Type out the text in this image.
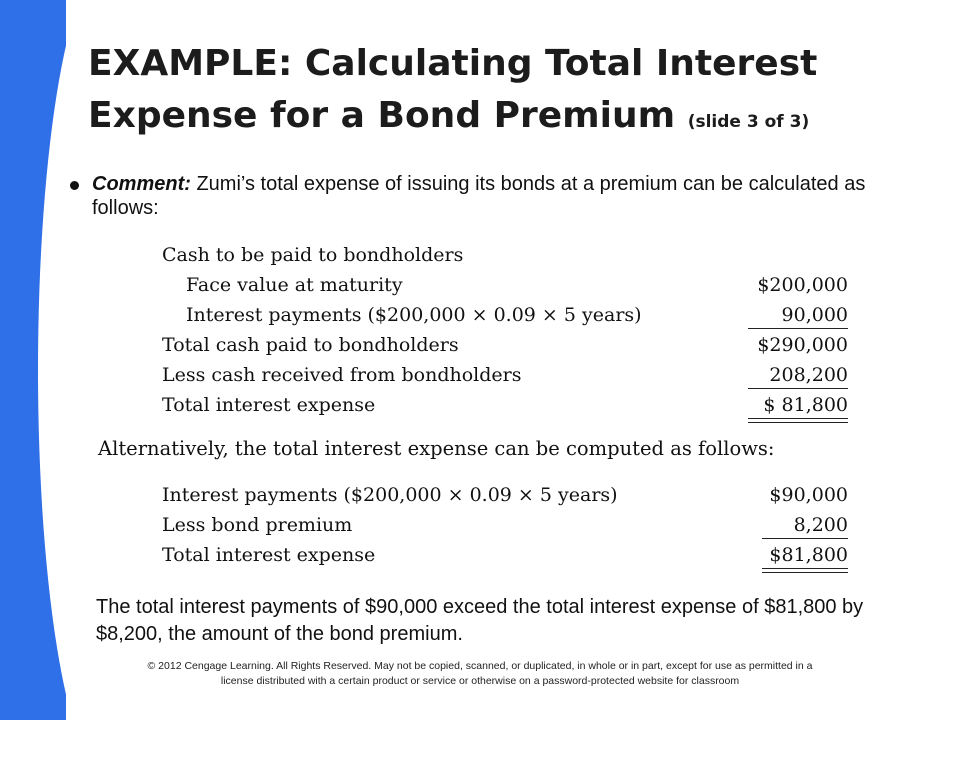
EXAMPLE: Calculating Total Interest
Expense for a Bond Premium (slide 3 of 3)
Comment: Zumi’s total expense of issuing its bonds at a premium can be calculated as follows:
Cash to be paid to bondholders
Face value at maturity	$200,000
Interest payments ($200,000 × 0.09 × 5 years)	90,000
Total cash paid to bondholders	$290,000
Less cash received from bondholders	208,200
Total interest expense	$ 81,800
Alternatively, the total interest expense can be computed as follows:
Interest payments ($200,000 × 0.09 × 5 years)	$90,000
Less bond premium	8,200
Total interest expense	$81,800
The total interest payments of $90,000 exceed the total interest expense of $81,800 by $8,200, the amount of the bond premium.
© 2012 Cengage Learning. All Rights Reserved. May not be copied, scanned, or duplicated, in whole or in part, except for use as permitted in a
license distributed with a certain product or service or otherwise on a password-protected website for classroom
